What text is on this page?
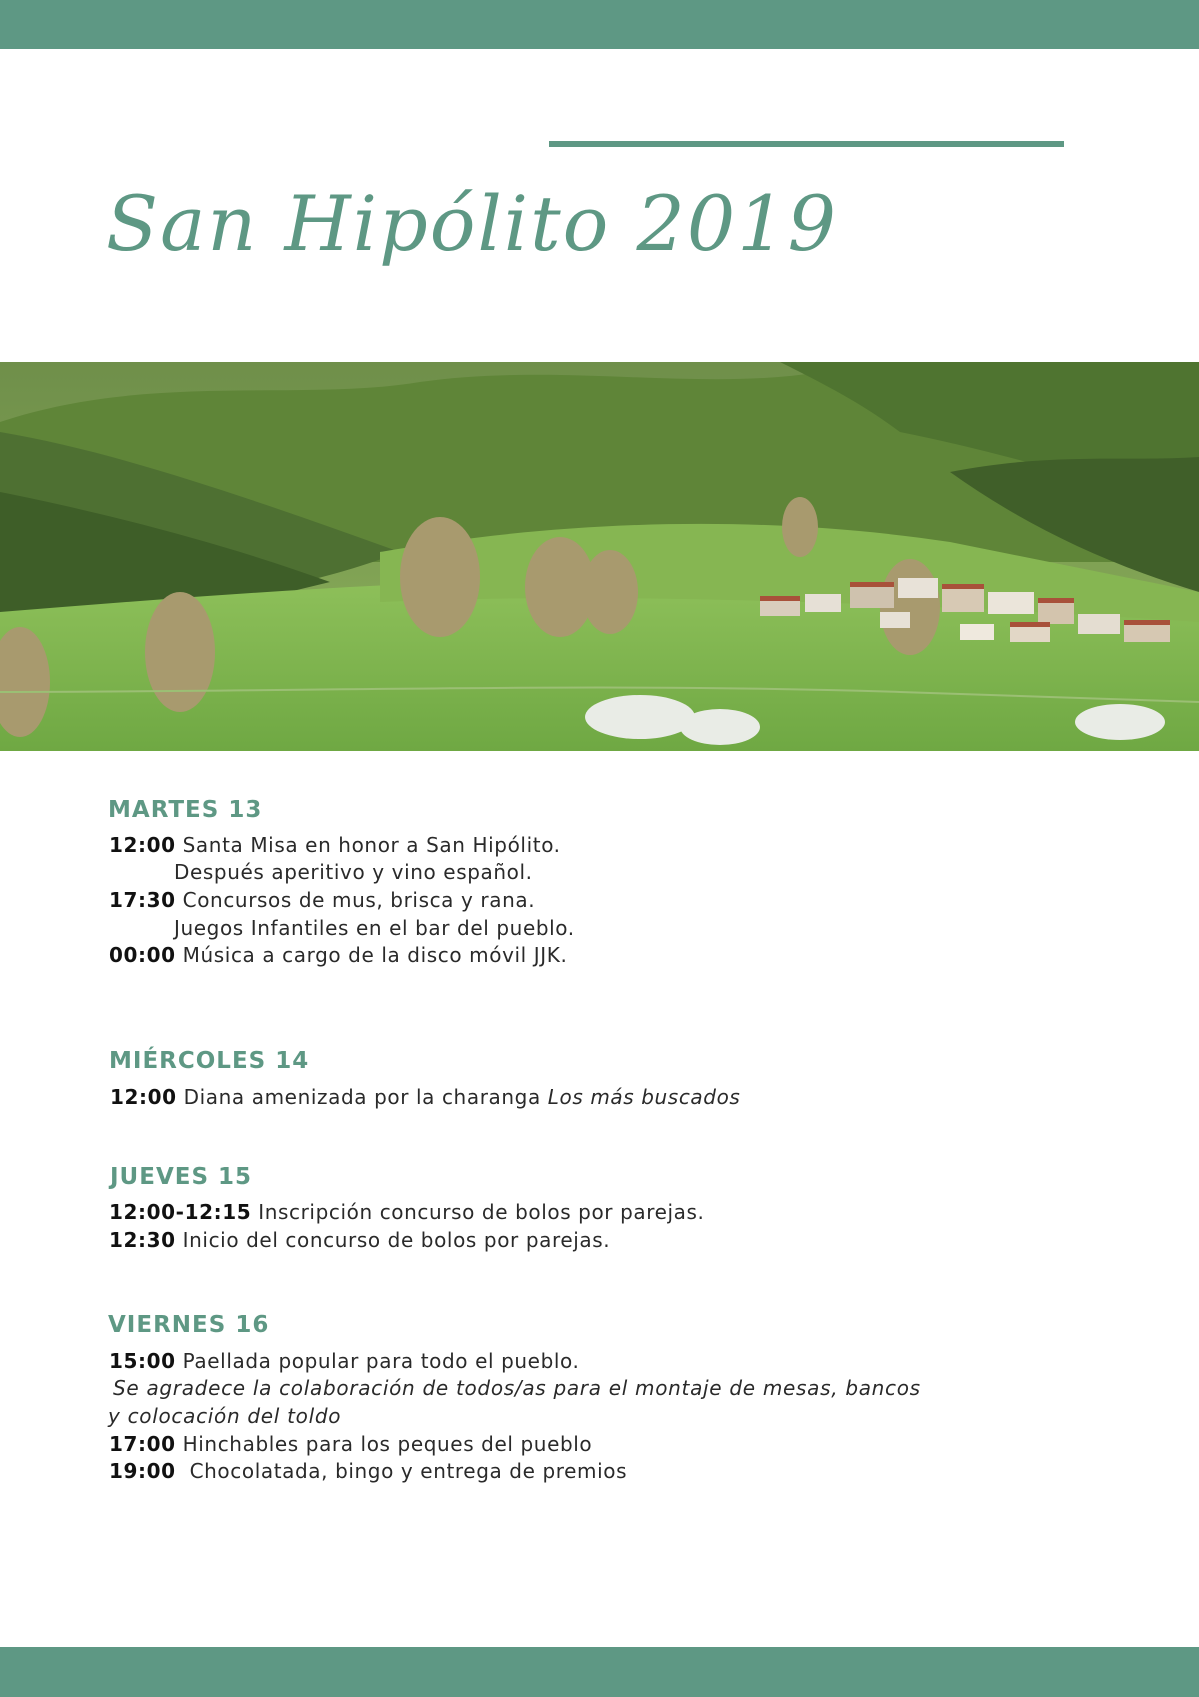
San Hipólito 2019
MARTES 13

12:00 Santa Misa en honor a San Hipólito.

Después aperitivo y vino español.

17:30 Concursos de mus, brisca y rana.

Juegos Infantiles en el bar del pueblo.

00:00 Música a cargo de la disco móvil JJK.

MIÉRCOLES 14

12:00 Diana amenizada por la charanga Los más buscados

JUEVES 15

12:00-12:15 Inscripción concurso de bolos por parejas.

12:30 Inicio del concurso de bolos por parejas.

VIERNES 16

15:00 Paellada popular para todo el pueblo.

Se agradece la colaboración de todos/as para el montaje de mesas, bancos

y colocación del toldo

17:00 Hinchables para los peques del pueblo

19:00 Chocolatada, bingo y entrega de premios
